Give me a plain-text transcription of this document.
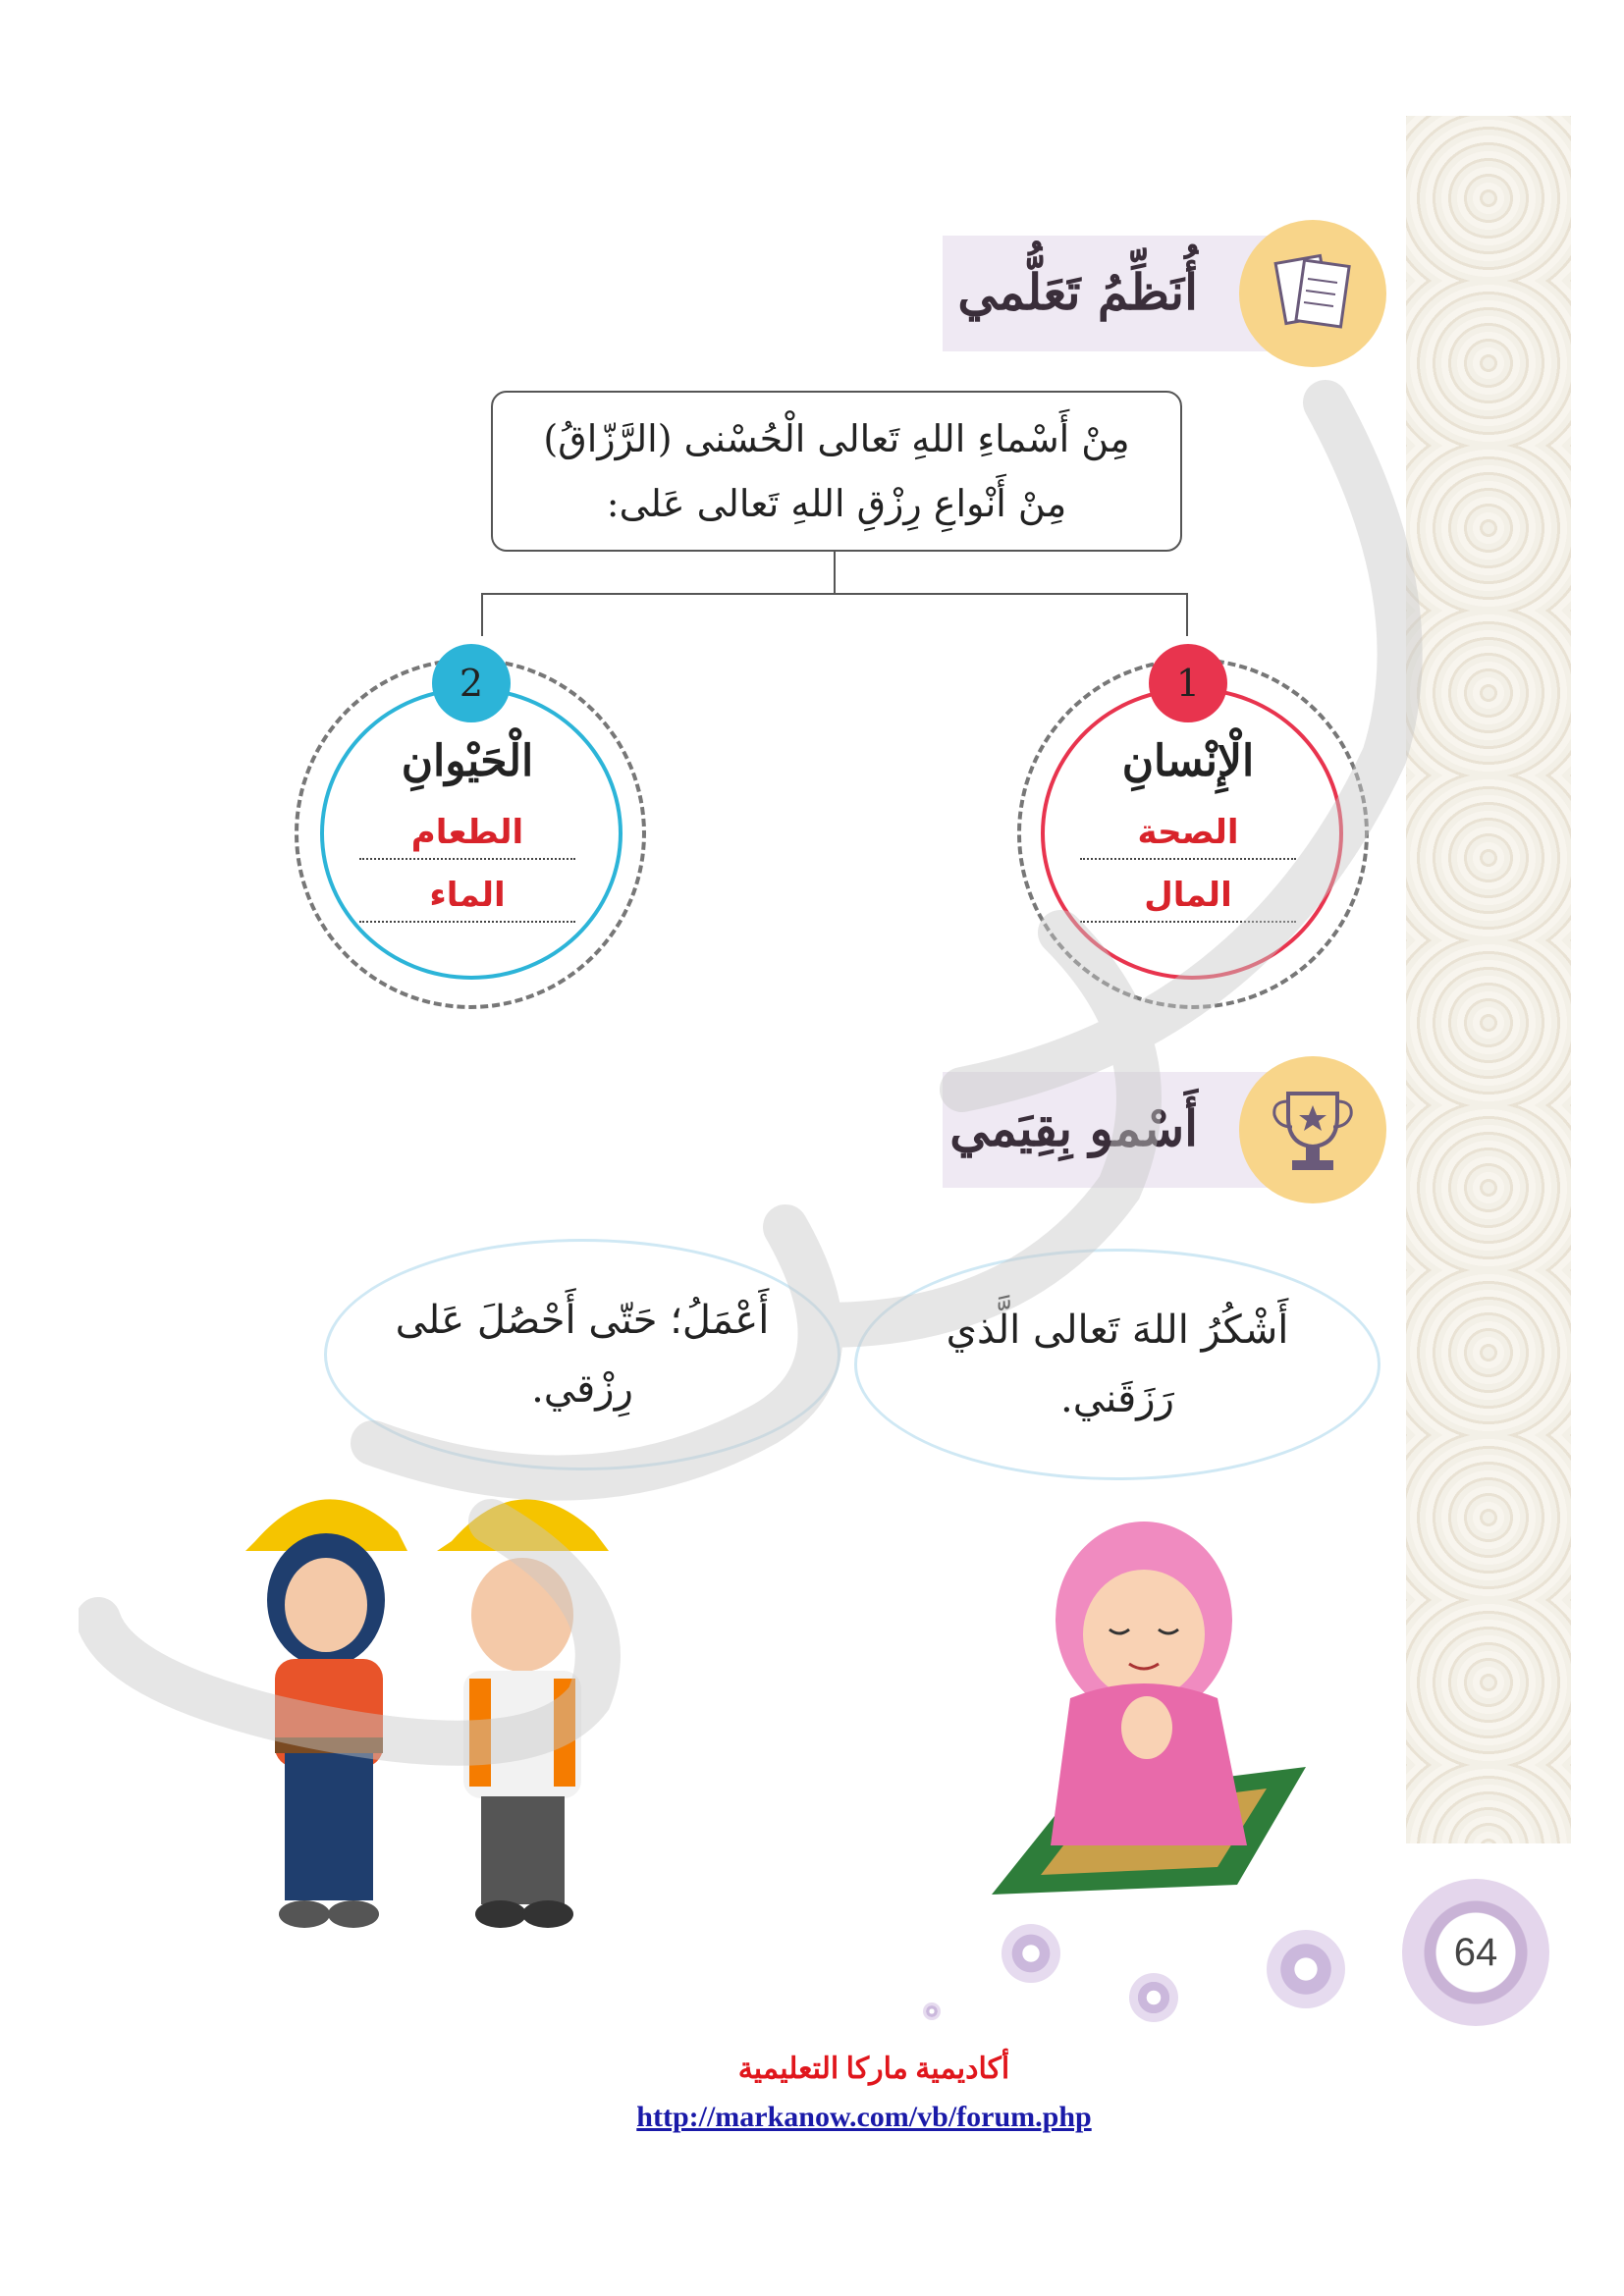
أُنَظِّمُ تَعَلُّمي
مِنْ أَسْماءِ اللهِ تَعالى الْحُسْنى (الرَّزّاقُ)
مِنْ أَنْواعِ رِزْقِ اللهِ تَعالى عَلى:
1
الْإِنْسانِ
الصحة
المال
2
الْحَيْوانِ
الطعام
الماء
أَسْمو بِقِيَمي
أَشْكُرُ اللهَ تَعالى الَّذي
رَزَقَني.
أَعْمَلُ؛ حَتّى أَحْصُلَ عَلى
رِزْقي.
64
أكاديمية ماركا التعليمية
http://markanow.com/vb/forum.php
